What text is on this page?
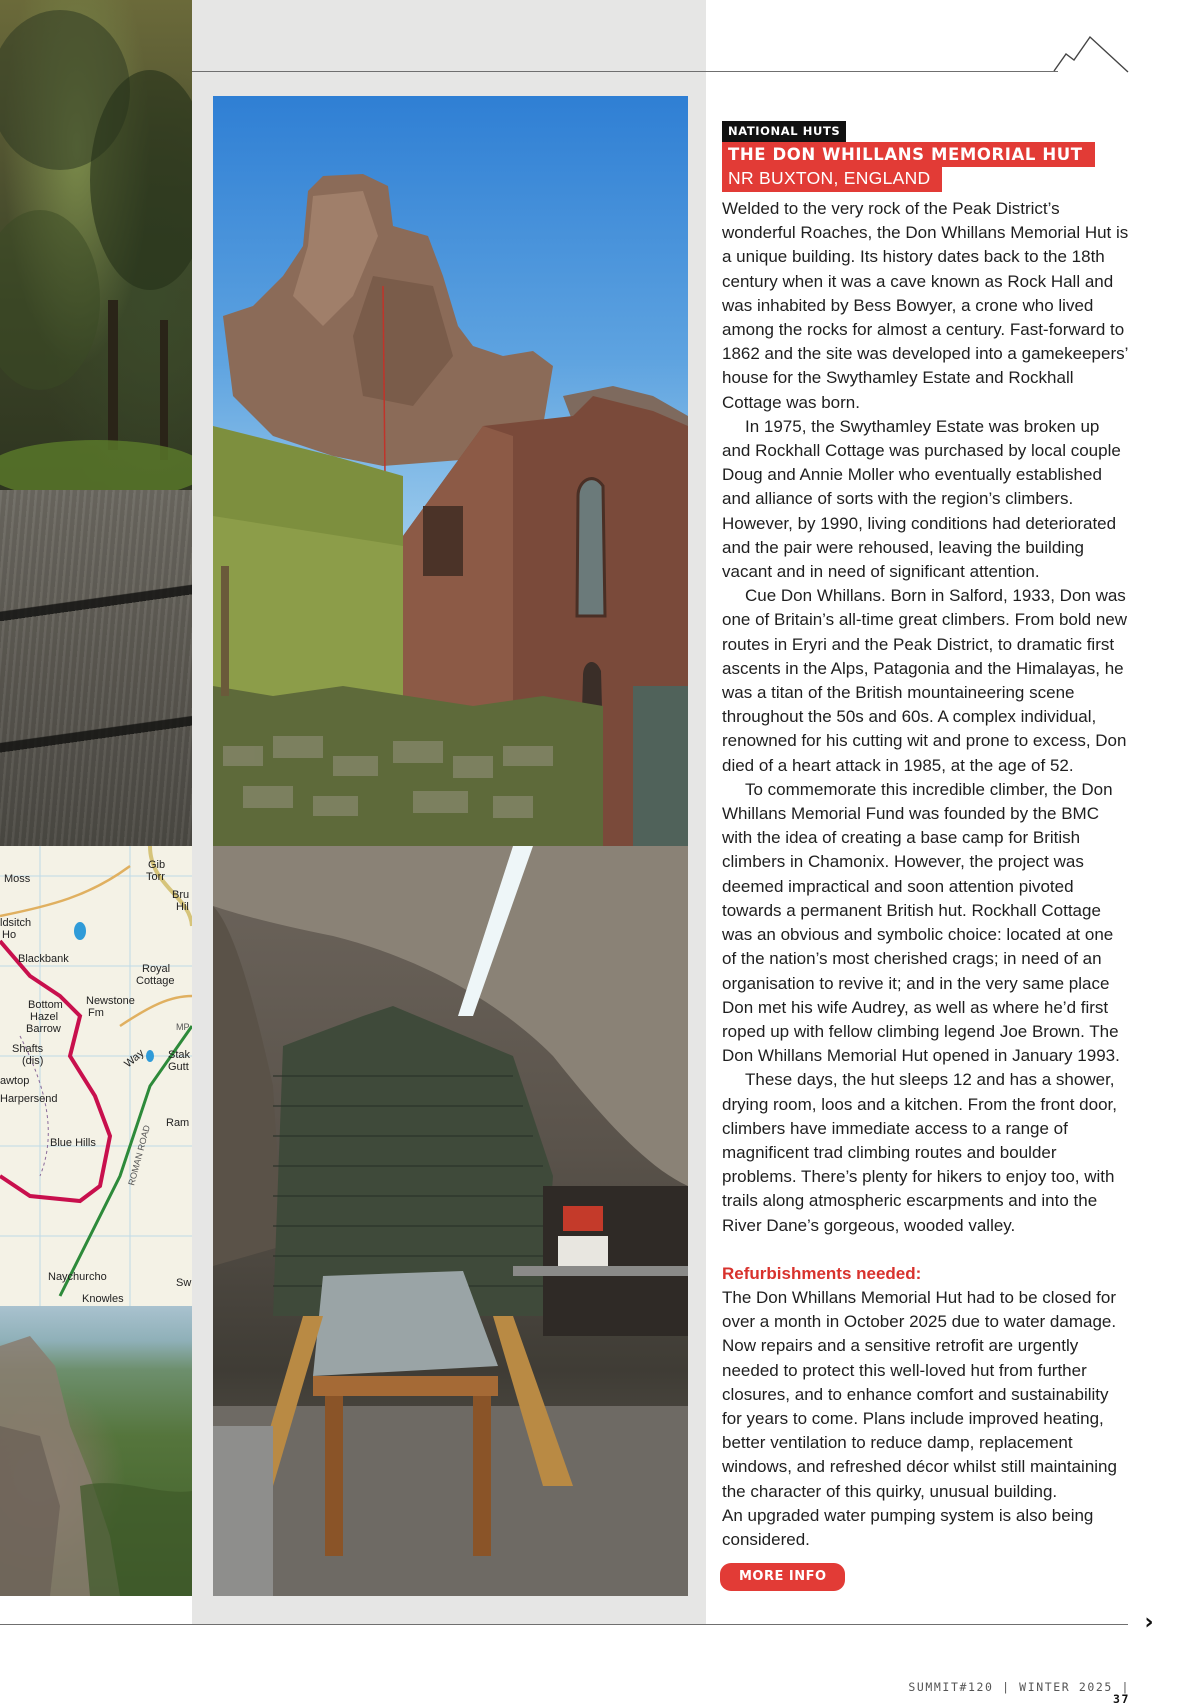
Moss
Gib
Torr
Bru
Hil
ldsitch
Ho
Blackbank
Royal
Cottage
Newstone
Fm
Bottom
Hazel
Barrow	MP
Shafts
(dis)	Way Stak
Gutt
awtop
Harpersend
ROMAN ROAD
Ram
Blue Hills
Naychurcho	Sw
Knowles
›
NATIONAL HUTS
THE DON WHILLANS MEMORIAL HUT
NR BUXTON, ENGLAND

Welded to the very rock of the Peak District’s wonderful Roaches, the Don Whillans Memorial Hut is a unique building. Its history dates back to the 18th century when it was a cave known as Rock Hall and was inhabited by Bess Bowyer, a crone who lived among the rocks for almost a century. Fast-forward to 1862 and the site was developed into a gamekeepers’ house for the Swythamley Estate and Rockhall Cottage was born.

In 1975, the Swythamley Estate was broken up and Rockhall Cottage was purchased by local couple Doug and Annie Moller who eventually established and alliance of sorts with the region’s climbers. However, by 1990, living conditions had deteriorated and the pair were rehoused, leaving the building vacant and in need of significant attention.

Cue Don Whillans. Born in Salford, 1933, Don was one of Britain’s all-time great climbers. From bold new routes in Eryri and the Peak District, to dramatic first ascents in the Alps, Patagonia and the Himalayas, he was a titan of the British mountaineering scene throughout the 50s and 60s. A complex individual, renowned for his cutting wit and prone to excess, Don died of a heart attack in 1985, at the age of 52.

To commemorate this incredible climber, the Don Whillans Memorial Fund was founded by the BMC with the idea of creating a base camp for British climbers in Chamonix. However, the project was deemed impractical and soon attention pivoted towards a permanent British hut. Rockhall Cottage was an obvious and symbolic choice: located at one of the nation’s most cherished crags; in need of an organisation to revive it; and in the very same place Don met his wife Audrey, as well as where he’d first roped up with fellow climbing legend Joe Brown. The Don Whillans Memorial Hut opened in January 1993.

These days, the hut sleeps 12 and has a shower, drying room, loos and a kitchen. From the front door, climbers have immediate access to a range of magnificent trad climbing routes and boulder problems. There’s plenty for hikers to enjoy too, with trails along atmospheric escarpments and into the River Dane’s gorgeous, wooded valley.

Refurbishments needed:

The Don Whillans Memorial Hut had to be closed for over a month in October 2025 due to water damage. Now repairs and a sensitive retrofit are urgently needed to protect this well-loved hut from further closures, and to enhance comfort and sustainability for years to come. Plans include improved heating, better ventilation to reduce damp, replacement windows, and refreshed décor whilst still maintaining the character of this quirky, unusual building.

An upgraded water pumping system is also being considered.

MORE INFO
SUMMIT#120 | WINTER 2025 | 37
